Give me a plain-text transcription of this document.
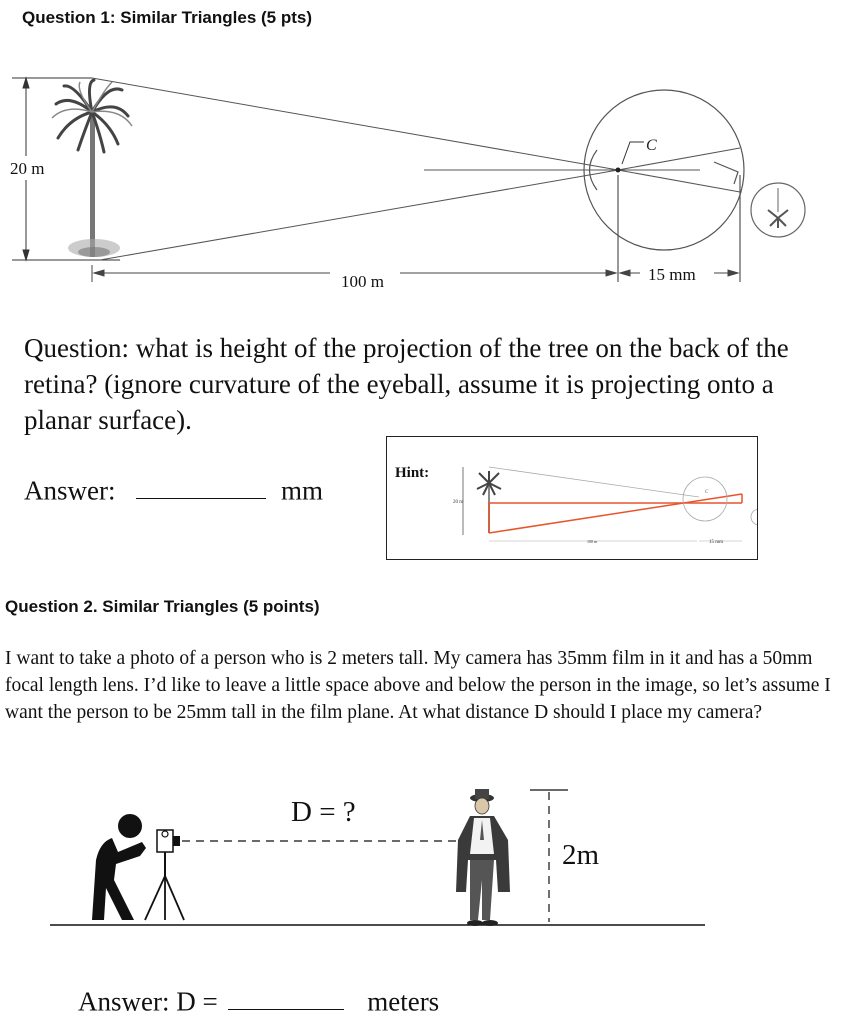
Question 1: Similar Triangles (5 pts)
20 m
C
100 m	15 mm
Question: what is height of the projection of the tree on the back of the retina? (ignore curvature of the eyeball, assume it is projecting onto a planar surface).
Answer:	mm
Hint:
20 m
C
100 m	15 mm
Question 2. Similar Triangles (5 points)
I want to take a photo of a person who is 2 meters tall. My camera has 35mm film in it and has a 50mm focal length lens. I’d like to leave a little space above and below the person in the image, so let’s assume I want the person to be 25mm tall in the film plane. At what distance D should I place my camera?
D = ?
2m
Answer: D =	meters
